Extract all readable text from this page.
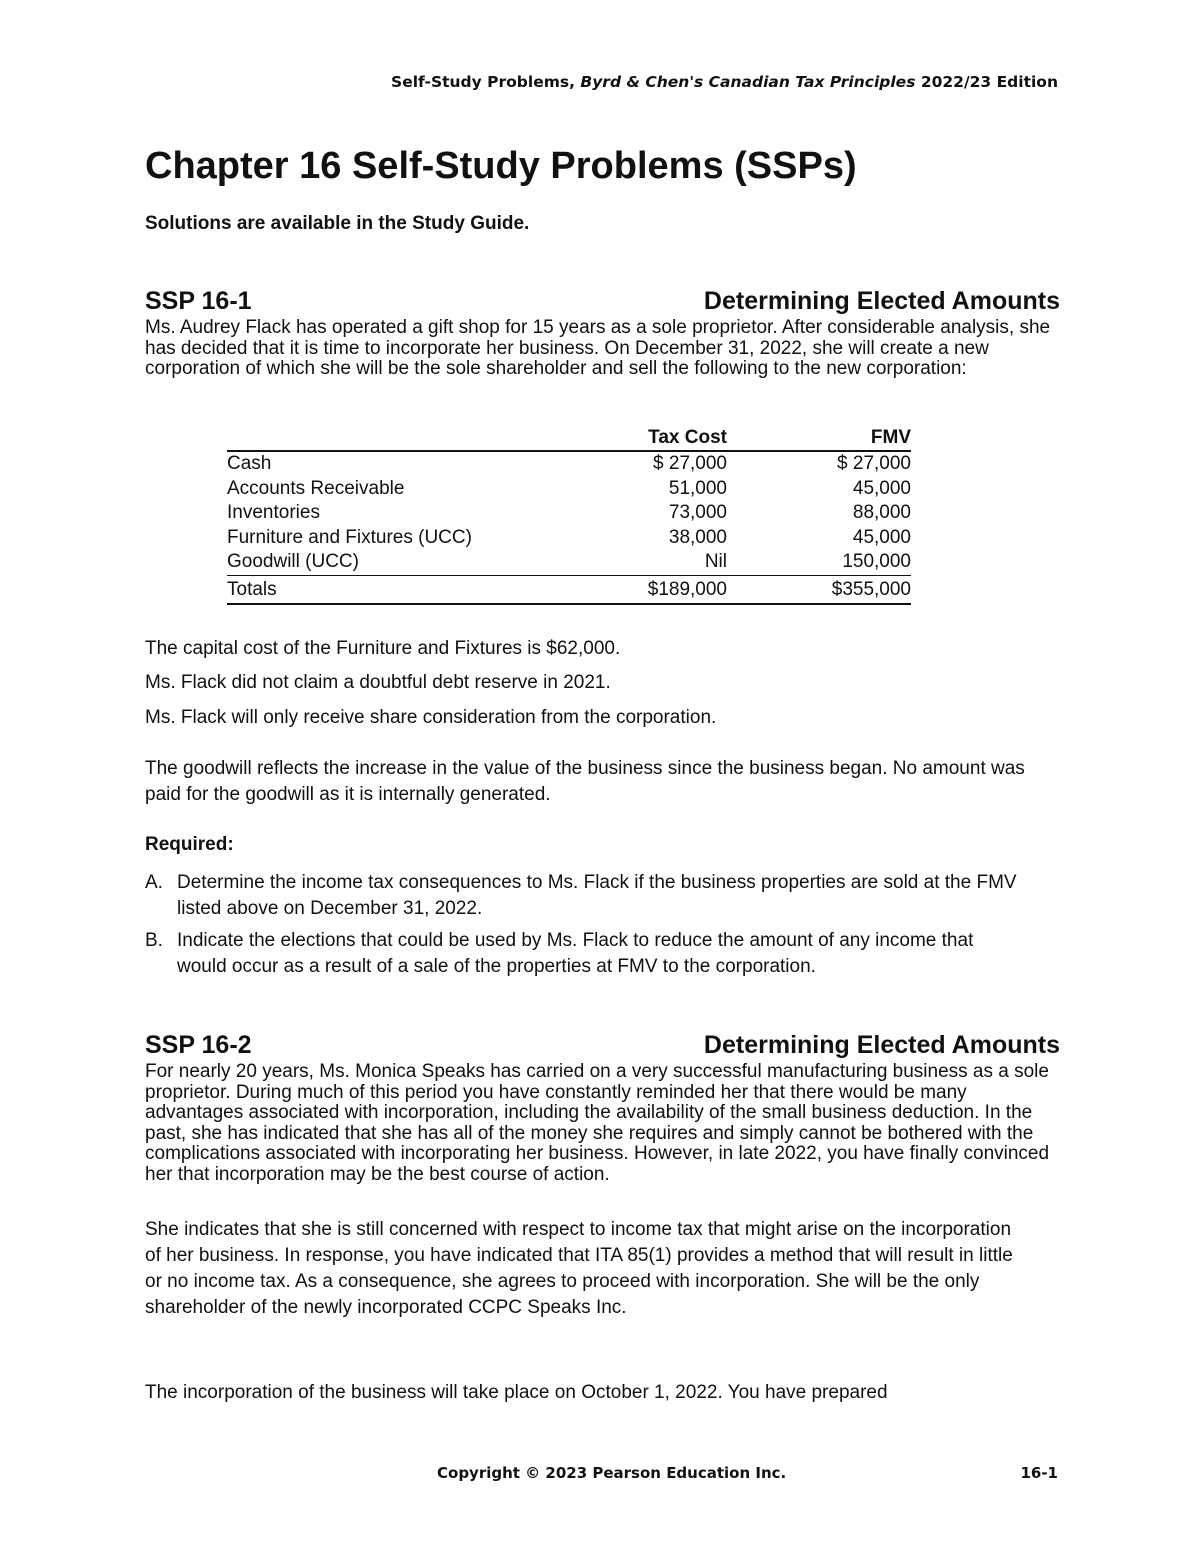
Self-Study Problems, Byrd & Chen's Canadian Tax Principles 2022/23 Edition
Chapter 16 Self-Study Problems (SSPs)

Solutions are available in the Study Guide.

SSP 16-1	Determining Elected Amounts

Ms. Audrey Flack has operated a gift shop for 15 years as a sole proprietor. After considerable analysis, she has decided that it is time to incorporate her business. On December 31, 2022, she will create a new corporation of which she will be the sole shareholder and sell the following to the new corporation:

	Tax Cost	FMV
Cash	$ 27,000	$ 27,000
Accounts Receivable	51,000	45,000
Inventories	73,000	88,000
Furniture and Fixtures (UCC)	38,000	45,000
Goodwill (UCC)	Nil	150,000
Totals	$189,000	$355,000

The capital cost of the Furniture and Fixtures is $62,000.

Ms. Flack did not claim a doubtful debt reserve in 2021.

Ms. Flack will only receive share consideration from the corporation.

The goodwill reflects the increase in the value of the business since the business began. No amount was paid for the goodwill as it is internally generated.

Required:

A. Determine the income tax consequences to Ms. Flack if the business properties are sold at the FMV listed above on December 31, 2022.
B. Indicate the elections that could be used by Ms. Flack to reduce the amount of any income that would occur as a result of a sale of the properties at FMV to the corporation.
SSP 16-2	Determining Elected Amounts

For nearly 20 years, Ms. Monica Speaks has carried on a very successful manufacturing business as a sole proprietor. During much of this period you have constantly reminded her that there would be many advantages associated with incorporation, including the availability of the small business deduction. In the past, she has indicated that she has all of the money she requires and simply cannot be bothered with the complications associated with incorporating her business. However, in late 2022, you have finally convinced her that incorporation may be the best course of action.

She indicates that she is still concerned with respect to income tax that might arise on the incorporation of her business. In response, you have indicated that ITA 85(1) provides a method that will result in little or no income tax. As a consequence, she agrees to proceed with incorporation. She will be the only shareholder of the newly incorporated CCPC Speaks Inc.

The incorporation of the business will take place on October 1, 2022. You have prepared

Copyright © 2023 Pearson Education Inc.	16-1
